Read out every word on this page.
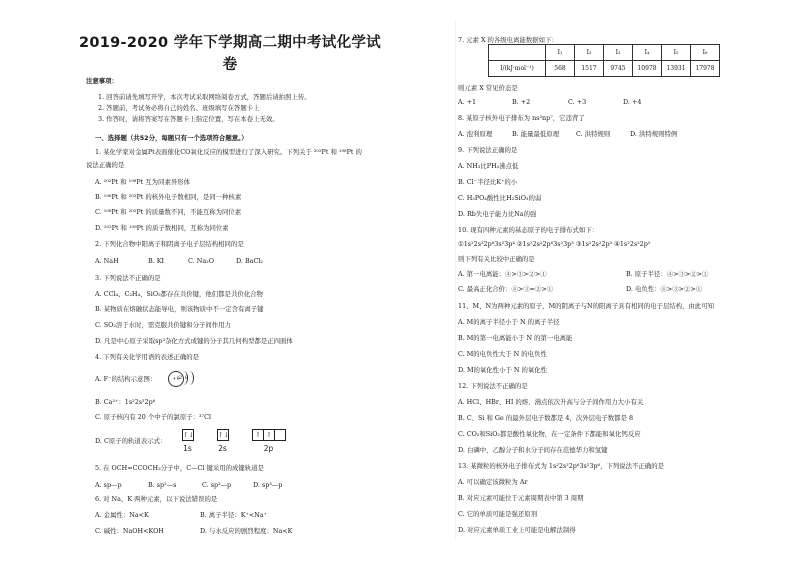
2019-2020 学年下学期高二期中考试化学试
卷
注意事项：
1. 回答前请先填写开学，本次考试采取网络阅卷方式，答题后请拍照上传。
2. 答题前，考试务必将自己的姓名、班级填写在答题卡上
3. 作答时，请将答案写在答题卡上指定位置，写在本卷上无效。
一、选择题（共52分，每题只有一个选项符合题意。）
1. 某化学家对金属Pt表面催化CO氧化反应的模型进行了深入研究。下列关于 ²⁰²Pt 和 ¹⁹⁸Pt 的
说法正确的是
A. ²⁰²Pt 和 ¹⁹⁸Pt 互为同素异形体
B. ¹⁹⁸Pt 和 ²⁰²Pt 的核外电子数相同，是同一种核素
C. ¹⁹⁸Pt 和 ²⁰²Pt 的质量数不同，不能互称为同位素
D. ²⁰²Pt 和 ¹⁹⁸Pt 的质子数相同，互称为同位素
2. 下列化合物中阳离子和阴离子电子层结构相同的是
A. NaH	B. KI	C. Na₂O	D. BaCl₂
3. 下列说法不正确的是
A. CCl₄、C₂H₄、SiO₂都存在共价键，他们都是共价化合物
B. 某物质在熔融状态能导电，则该物质中不一定含有离子键
C. SO₂溶于水时，需克服共价键和分子间作用力
D. 凡是中心原子采取sp³杂化方式成键的分子其几何构型都是正四面体
4. 下列有关化学用语的表述正确的是
A. F⁻的结构示意图：	+9 2 8
B. Ca²⁺：1s²2s²2p⁶
C. 原子核内有 20 个中子的氯原子：³⁷Cl
D. C原子的轨道表示式：
↑↓
1s
↑↓
2s
↑ ↑
2p
5. 在 OCH=CCOCH₃分子中，C—Cl 键采用的成键轨道是
A. sp—p	B. sp²—s	C. sp²—p	D. sp³—p
6. 对 Na、K 两种元素，以下说法错误的是
A. 金属性：Na<K	B. 离子半径：K⁺<Na⁺
C. 碱性：NaOH<KOH	D. 与水反应的剧烈程度：Na<K
7. 元素 X 的各级电离能数据如下：
	I₁	I₂	I₃	I₄	I₅	I₆
I/(kJ·mol⁻¹)	568	1517	9745	10978	13931	17978
则元素 X 常见价态是
A. +1	B. +2	C. +3	D. +4
8. 某原子核外电子排布为 ns²np⁷，它违背了
A. 泡利原理	B. 能量最低原理	C. 洪特规则	D. 洪特规则特例
9. 下列说法正确的是
A. NH₃比PH₃沸点低
B. Cl⁻半径比K⁺的小
C. H₃PO₄酸性比H₂SiO₃的弱
D. Rb失电子能力比Na的强
10. 现有四种元素的基态原子的电子排布式如下：
①1s²2s²2p⁶3s²3p⁴ ②1s²2s²2p⁶3s²3p³ ③1s²2s²2p³ ④1s²2s²2p⁵
则下列有关比较中正确的是
A. 第一电离能：④>③>②>①	B. 原子半径：④>③>②>①
C. 最高正化合价：④>③=②>①	D. 电负性：④>③>②>①
11、M、N为两种元素的原子，M的阴离子与N的阳离子具有相同的电子层结构，由此可知
A. M的离子半径小于 N 的离子半径
B. M的第一电离能小于 N 的第一电离能
C. M的电负性大于 N 的电负性
D. M的氧化性小于 N 的氧化性
12. 下列说法不正确的是
A. HCl、HBr、HI 的熔、沸点依次升高与分子间作用力大小有关
B. C、Si 和 Ge 的最外层电子数都是 4，次外层电子数都是 8
C. CO₂和SiO₂都是酸性氧化物，在一定条件下都能和氧化钙反应
D. 白磷中，乙醇分子和水分子间存在范德华力和氢键
13. 某微粒的核外电子排布式为 1s²2s²2p⁶3s²3p⁶，下列说法不正确的是
A. 可以确定该微粒为 Ar
B. 对应元素可能位于元素周期表中第 3 周期
C. 它的单质可能是强还原剂
D. 对应元素单质工业上可能是电解法制得
